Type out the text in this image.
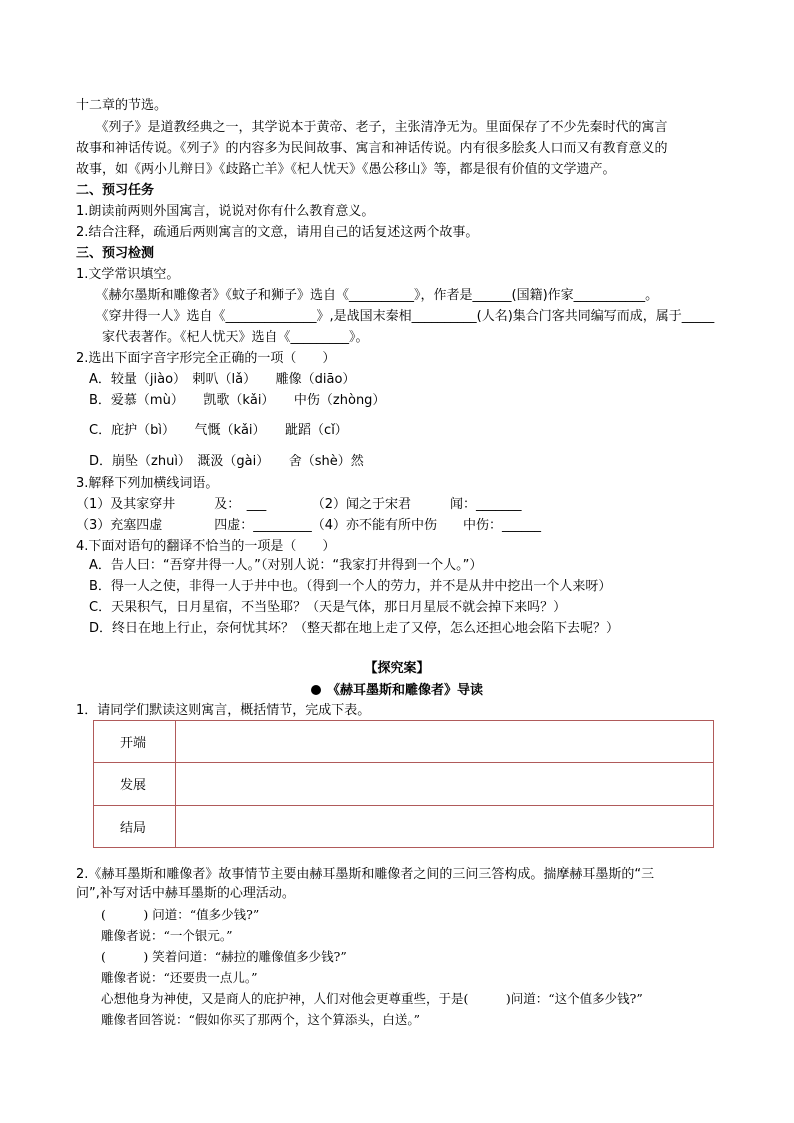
十二章的节选。
　　《列子》是道教经典之一，其学说本于黄帝、老子，主张清净无为。里面保存了不少先秦时代的寓言
故事和神话传说。《列子》的内容多为民间故事、寓言和神话传说。内有很多脍炙人口而又有教育意义的
故事，如《两小儿辩日》《歧路亡羊》《杞人忧天》《愚公移山》等，都是很有价值的文学遗产。
二、预习任务
1.朗读前两则外国寓言，说说对你有什么教育意义。
2.结合注释，疏通后两则寓言的文意，请用自己的话复述这两个故事。
三、预习检测
1.文学常识填空。
　　《赫尔墨斯和雕像者》《蚊子和狮子》选自《__________》，作者是______(国籍)作家___________。
　　《穿井得一人》选自《______________》,是战国末秦相__________(人名)集合门客共同编写而成，属于_____
　　家代表著作。《杞人忧天》选自《_________》。
2.选出下面字音字形完全正确的一项（　　）
　A．较量（jiào）　剌叭（lǎ）　　雕像（diāo）
　B．爱慕（mù）　　凯歌（kǎi）　　中伤（zhòng）
　C．庇护（bì）　　气慨（kǎi）　　跐蹈（cǐ）
　D．崩坠（zhuì）　溉汲（gài）　　舍（shè）然
3.解释下列加横线词语。
（1）及其家穿井　　　及：　___　　　　（2）闻之于宋君　　　闻：_______
（3）充塞四虚　　　　四虚：_________（4）亦不能有所中伤　　中伤：______
4.下面对语句的翻译不恰当的一项是（　　）
　A．告人曰：“吾穿井得一人。”（对别人说：“我家打井得到一个人。”）
　B．得一人之使，非得一人于井中也。（得到一个人的劳力，并不是从井中挖出一个人来呀）
　C．天果积气，日月星宿，不当坠耶？（天是气体，那日月星辰不就会掉下来吗？）
　D．终日在地上行止，奈何忧其坏？（整天都在地上走了又停，怎么还担心地会陷下去呢？）
【探究案】
《赫耳墨斯和雕像者》导读
1．请同学们默读这则寓言，概括情节，完成下表。
开端	
发展	
结局	
2.《赫耳墨斯和雕像者》故事情节主要由赫耳墨斯和雕像者之间的三问三答构成。揣摩赫耳墨斯的“三
问”,补写对话中赫耳墨斯的心理活动。
　　(　　　) 问道：“值多少钱?”
　　雕像者说：“一个银元。”
　　(　　　) 笑着问道：“赫拉的雕像值多少钱?”
　　雕像者说：“还要贵一点儿。”
　　心想他身为神使，又是商人的庇护神，人们对他会更尊重些，于是(　　　)问道：“这个值多少钱?”
　　雕像者回答说：“假如你买了那两个，这个算添头，白送。”
